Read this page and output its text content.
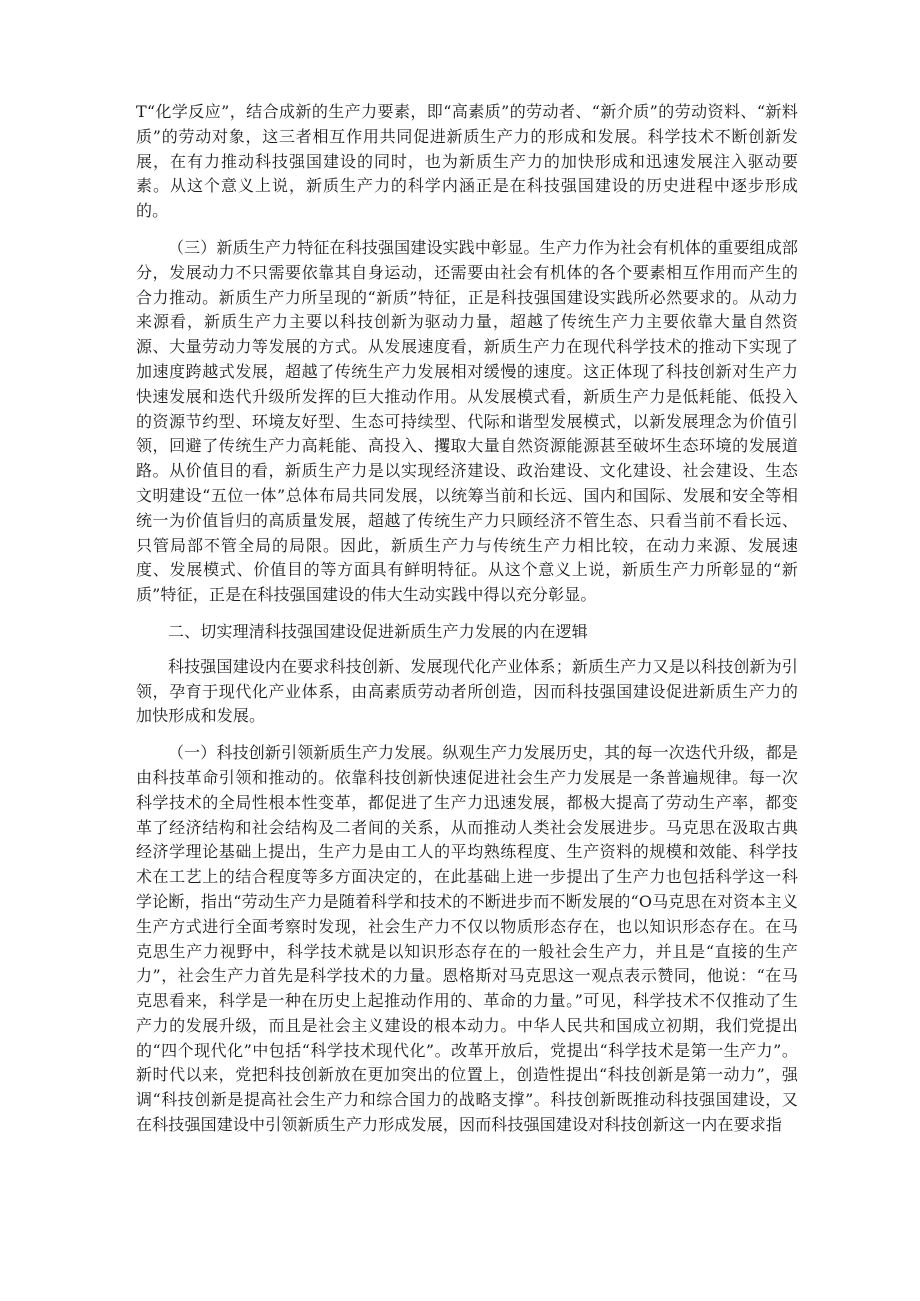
T“化学反应”，结合成新的生产力要素，即“高素质”的劳动者、“新介质”的劳动资料、“新料质”的劳动对象，这三者相互作用共同促进新质生产力的形成和发展。科学技术不断创新发展，在有力推动科技强国建设的同时，也为新质生产力的加快形成和迅速发展注入驱动要素。从这个意义上说，新质生产力的科学内涵正是在科技强国建设的历史进程中逐步形成的。

（三）新质生产力特征在科技强国建设实践中彰显。生产力作为社会有机体的重要组成部分，发展动力不只需要依靠其自身运动，还需要由社会有机体的各个要素相互作用而产生的合力推动。新质生产力所呈现的“新质”特征，正是科技强国建设实践所必然要求的。从动力来源看，新质生产力主要以科技创新为驱动力量，超越了传统生产力主要依靠大量自然资源、大量劳动力等发展的方式。从发展速度看，新质生产力在现代科学技术的推动下实现了加速度跨越式发展，超越了传统生产力发展相对缓慢的速度。这正体现了科技创新对生产力快速发展和迭代升级所发挥的巨大推动作用。从发展模式看，新质生产力是低耗能、低投入的资源节约型、环境友好型、生态可持续型、代际和谐型发展模式，以新发展理念为价值引领，回避了传统生产力高耗能、高投入、攫取大量自然资源能源甚至破坏生态环境的发展道路。从价值目的看，新质生产力是以实现经济建设、政治建设、文化建设、社会建设、生态文明建设“五位一体”总体布局共同发展，以统筹当前和长远、国内和国际、发展和安全等相统一为价值旨归的高质量发展，超越了传统生产力只顾经济不管生态、只看当前不看长远、只管局部不管全局的局限。因此，新质生产力与传统生产力相比较，在动力来源、发展速度、发展模式、价值目的等方面具有鲜明特征。从这个意义上说，新质生产力所彰显的“新质”特征，正是在科技强国建设的伟大生动实践中得以充分彰显。

二、切实理清科技强国建设促进新质生产力发展的内在逻辑

科技强国建设内在要求科技创新、发展现代化产业体系；新质生产力又是以科技创新为引领，孕育于现代化产业体系，由高素质劳动者所创造，因而科技强国建设促进新质生产力的加快形成和发展。

（一）科技创新引领新质生产力发展。纵观生产力发展历史，其的每一次迭代升级，都是由科技革命引领和推动的。依靠科技创新快速促进社会生产力发展是一条普遍规律。每一次科学技术的全局性根本性变革，都促进了生产力迅速发展，都极大提高了劳动生产率，都变革了经济结构和社会结构及二者间的关系，从而推动人类社会发展进步。马克思在汲取古典经济学理论基础上提出，生产力是由工人的平均熟练程度、生产资料的规模和效能、科学技术在工艺上的结合程度等多方面决定的，在此基础上进一步提出了生产力也包括科学这一科学论断，指出“劳动生产力是随着科学和技术的不断进步而不断发展的“O马克思在对资本主义生产方式进行全面考察时发现，社会生产力不仅以物质形态存在，也以知识形态存在。在马克思生产力视野中，科学技术就是以知识形态存在的一般社会生产力，并且是“直接的生产力”，社会生产力首先是科学技术的力量。恩格斯对马克思这一观点表示赞同，他说：“在马克思看来，科学是一种在历史上起推动作用的、革命的力量。”可见，科学技术不仅推动了生产力的发展升级，而且是社会主义建设的根本动力。中华人民共和国成立初期，我们党提出的“四个现代化”中包括“科学技术现代化”。改革开放后，党提出“科学技术是第一生产力”。新时代以来，党把科技创新放在更加突出的位置上，创造性提出“科技创新是第一动力”，强调“科技创新是提高社会生产力和综合国力的战略支撑”。科技创新既推动科技强国建设，又在科技强国建设中引领新质生产力形成发展，因而科技强国建设对科技创新这一内在要求指
